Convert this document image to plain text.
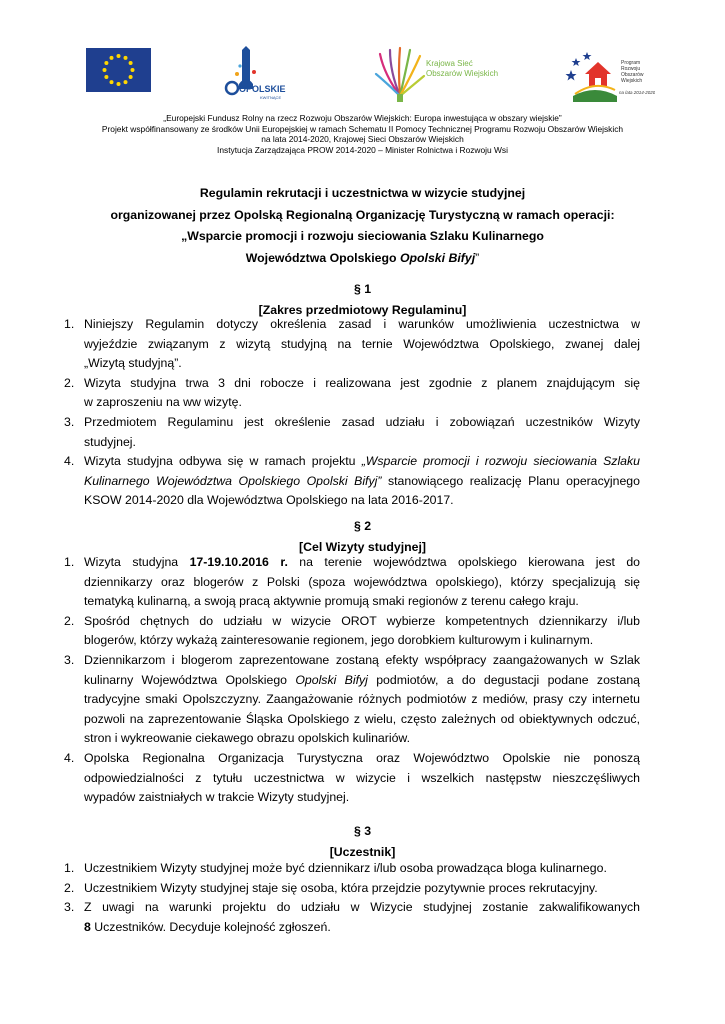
OPOLSKIE
KWITNĄCE
Krajowa Sieć
Obszarów Wiejskich
Program
Rozwoju
Obszarów
Wiejskich
na lata 2014-2020
„Europejski Fundusz Rolny na rzecz Rozwoju Obszarów Wiejskich: Europa inwestująca w obszary wiejskie”
Projekt współfinansowany ze środków Unii Europejskiej w ramach Schematu II Pomocy Technicznej Programu Rozwoju Obszarów Wiejskich
na lata 2014-2020, Krajowej Sieci Obszarów Wiejskich
Instytucja Zarządzająca PROW 2014-2020 – Minister Rolnictwa i Rozwoju Wsi
Regulamin rekrutacji i uczestnictwa w wizycie studyjnej
organizowanej przez Opolską Regionalną Organizację Turystyczną w ramach operacji:
„Wsparcie promocji i rozwoju sieciowania Szlaku Kulinarnego
Województwa Opolskiego Opolski Bifyj”
§ 1
[Zakres przedmiotowy Regulaminu]
1. Niniejszy Regulamin dotyczy określenia zasad i warunków umożliwienia uczestnictwa w
wyjeździe związanym z wizytą studyjną na ternie Województwa Opolskiego, zwanej dalej
„Wizytą studyjną”.
2. Wizyta studyjna trwa 3 dni robocze i realizowana jest zgodnie z planem znajdującym się
w zaproszeniu na ww wizytę.
3. Przedmiotem Regulaminu jest określenie zasad udziału i zobowiązań uczestników Wizyty
studyjnej.
4. Wizyta studyjna odbywa się w ramach projektu „Wsparcie promocji i rozwoju sieciowania Szlaku
Kulinarnego Województwa Opolskiego Opolski Bifyj” stanowiącego realizację Planu operacyjnego
KSOW 2014-2020 dla Województwa Opolskiego na lata 2016-2017.
§ 2
[Cel Wizyty studyjnej]
1. Wizyta studyjna 17-19.10.2016 r. na terenie województwa opolskiego kierowana jest do
dziennikarzy oraz blogerów z Polski (spoza województwa opolskiego), którzy specjalizują się
tematyką kulinarną, a swoją pracą aktywnie promują smaki regionów z terenu całego kraju.
2. Spośród chętnych do udziału w wizycie OROT wybierze kompetentnych dziennikarzy i/lub
blogerów, którzy wykażą zainteresowanie regionem, jego dorobkiem kulturowym i kulinarnym.
3. Dziennikarzom i blogerom zaprezentowane zostaną efekty współpracy zaangażowanych w Szlak
kulinarny Województwa Opolskiego Opolski Bifyj podmiotów, a do degustacji podane zostaną
tradycyjne smaki Opolszczyzny. Zaangażowanie różnych podmiotów z mediów, prasy czy internetu
pozwoli na zaprezentowanie Śląska Opolskiego z wielu, często zależnych od obiektywnych odczuć,
stron i wykreowanie ciekawego obrazu opolskich kulinariów.
4. Opolska Regionalna Organizacja Turystyczna oraz Województwo Opolskie nie ponoszą
odpowiedzialności z tytułu uczestnictwa w wizycie i wszelkich następstw nieszczęśliwych
wypadów zaistniałych w trakcie Wizyty studyjnej.
§ 3
[Uczestnik]
1. Uczestnikiem Wizyty studyjnej może być dziennikarz i/lub osoba prowadząca bloga kulinarnego.
2. Uczestnikiem Wizyty studyjnej staje się osoba, która przejdzie pozytywnie proces rekrutacyjny.
3. Z uwagi na warunki projektu do udziału w Wizycie studyjnej zostanie zakwalifikowanych
8 Uczestników. Decyduje kolejność zgłoszeń.
